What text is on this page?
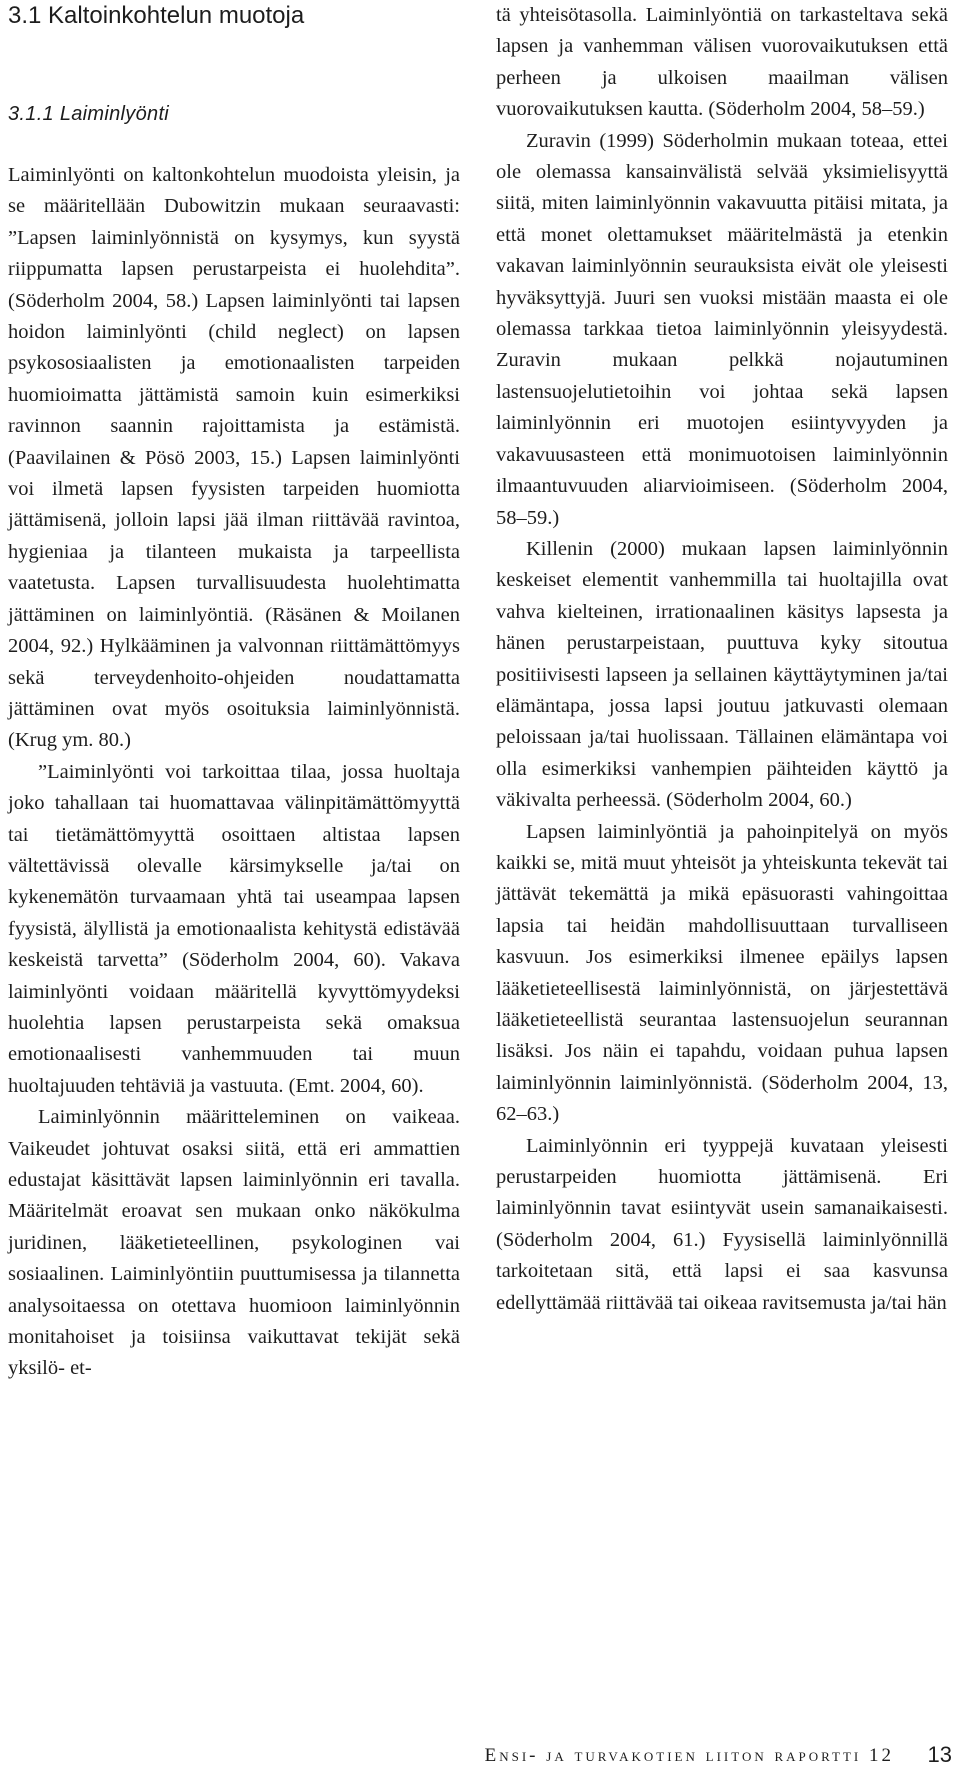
3.1 Kaltoinkohtelun muotoja
3.1.1 Laiminlyönti

Laiminlyönti on kaltonkohtelun muodoista yleisin, ja se määritellään Dubowitzin mukaan seuraavasti: ”Lapsen laiminlyönnistä on kysymys, kun syystä riippumatta lapsen perustarpeista ei huolehdita”. (Söderholm 2004, 58.) Lapsen laiminlyönti tai lapsen hoidon laiminlyönti (child neglect) on lapsen psykososiaalisten ja emotionaalisten tarpeiden huomioimatta jättämistä samoin kuin esimerkiksi ravinnon saannin rajoittamista ja estämistä. (Paavilainen & Pösö 2003, 15.) Lapsen laiminlyönti voi ilmetä lapsen fyysisten tarpeiden huomiotta jättämisenä, jolloin lapsi jää ilman riittävää ravintoa, hygieniaa ja tilanteen mukaista ja tarpeellista vaatetusta. Lapsen turvallisuudesta huolehtimatta jättäminen on laiminlyöntiä. (Räsänen & Moilanen 2004, 92.) Hylkääminen ja valvonnan riittämättömyys sekä terveydenhoito-ohjeiden noudattamatta jättäminen ovat myös osoituksia laiminlyönnistä. (Krug ym. 80.)

”Laiminlyönti voi tarkoittaa tilaa, jossa huoltaja joko tahallaan tai huomattavaa välinpitämättömyyttä tai tietämättömyyttä osoittaen altistaa lapsen vältettävissä olevalle kärsimykselle ja/tai on kykenemätön turvaamaan yhtä tai useampaa lapsen fyysistä, älyllistä ja emotionaalista kehitystä edistävää keskeistä tarvetta” (Söderholm 2004, 60). Vakava laiminlyönti voidaan määritellä kyvyttömyydeksi huolehtia lapsen perustarpeista sekä omaksua emotionaalisesti vanhemmuuden tai muun huoltajuuden tehtäviä ja vastuuta. (Emt. 2004, 60).

Laiminlyönnin määritteleminen on vaikeaa. Vaikeudet johtuvat osaksi siitä, että eri ammattien edustajat käsittävät lapsen laiminlyönnin eri tavalla. Määritelmät eroavat sen mukaan onko näkökulma juridinen, lääketieteellinen, psykologinen vai sosiaalinen. Laiminlyöntiin puuttumisessa ja tilannetta analysoitaessa on otettava huomioon laiminlyönnin monitahoiset ja toisiinsa vaikuttavat tekijät sekä yksilö- et-

tä yhteisötasolla. Laiminlyöntiä on tarkasteltava sekä lapsen ja vanhemman välisen vuorovaikutuksen että perheen ja ulkoisen maailman välisen vuorovaikutuksen kautta. (Söderholm 2004, 58–59.)

Zuravin (1999) Söderholmin mukaan toteaa, ettei ole olemassa kansainvälistä selvää yksimielisyyttä siitä, miten laiminlyönnin vakavuutta pitäisi mitata, ja että monet olettamukset määritelmästä ja etenkin vakavan laiminlyönnin seurauksista eivät ole yleisesti hyväksyttyjä. Juuri sen vuoksi mistään maasta ei ole olemassa tarkkaa tietoa laiminlyönnin yleisyydestä. Zuravin mukaan pelkkä nojautuminen lastensuojelutietoihin voi johtaa sekä lapsen laiminlyönnin eri muotojen esiintyvyyden ja vakavuusasteen että monimuotoisen laiminlyönnin ilmaantuvuuden aliarvioimiseen. (Söderholm 2004, 58–59.)

Killenin (2000) mukaan lapsen laiminlyönnin keskeiset elementit vanhemmilla tai huoltajilla ovat vahva kielteinen, irrationaalinen käsitys lapsesta ja hänen perustarpeistaan, puuttuva kyky sitoutua positiivisesti lapseen ja sellainen käyttäytyminen ja/tai elämäntapa, jossa lapsi joutuu jatkuvasti olemaan peloissaan ja/tai huolissaan. Tällainen elämäntapa voi olla esimerkiksi vanhempien päihteiden käyttö ja väkivalta perheessä. (Söderholm 2004, 60.)

Lapsen laiminlyöntiä ja pahoinpitelyä on myös kaikki se, mitä muut yhteisöt ja yhteiskunta tekevät tai jättävät tekemättä ja mikä epäsuorasti vahingoittaa lapsia tai heidän mahdollisuuttaan turvalliseen kasvuun. Jos esimerkiksi ilmenee epäilys lapsen lääketieteellisestä laiminlyönnistä, on järjestettävä lääketieteellistä seurantaa lastensuojelun seurannan lisäksi. Jos näin ei tapahdu, voidaan puhua lapsen laiminlyönnin laiminlyönnistä. (Söderholm 2004, 13, 62–63.)

Laiminlyönnin eri tyyppejä kuvataan yleisesti perustarpeiden huomiotta jättämisenä. Eri laiminlyönnin tavat esiintyvät usein samanaikaisesti. (Söderholm 2004, 61.) Fyysisellä laiminlyönnillä tarkoitetaan sitä, että lapsi ei saa kasvunsa edellyttämää riittävää tai oikeaa ravitsemusta ja/tai hän

Ensi- ja turvakotien liiton raportti 12 13
